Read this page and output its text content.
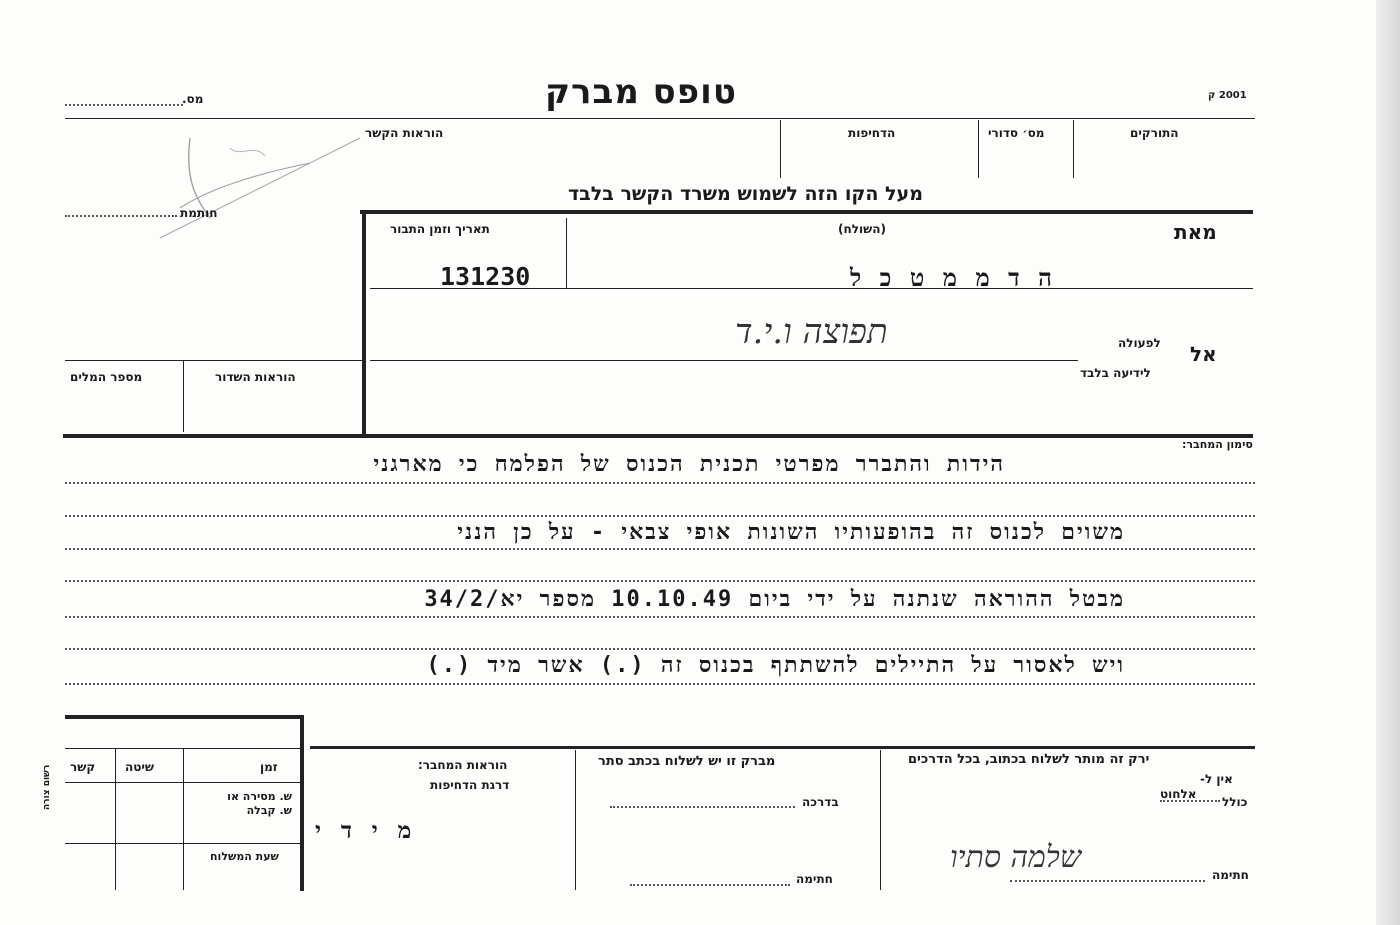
טופס מברק
מס.	2001 ק
התורקים
מס׳ סדורי
הדחיפות
הוראות הקשר
מעל הקו הזה לשמוש משרד הקשר בלבד
חותמת
מספר המלים	הוראות השדור
מאת
(השולח)
ה ד מ מ ט כ ל
תאריך וזמן התבור
131230
אל
לפעולה
לידיעה בלבד
תפוצה ו.י.ד
סימון המחבר:
הידות והתברר מפרטי תכנית הכנוס של הפלמח כי מארגני
משוים לכנוס זה בהופעותיו השונות אופי צבאי - על כן הנני
מבטל ההוראה שנתנה על ידי ביום 10.10.49 מספר יא/34/2
ויש לאסור על התיילים להשתתף בכנוס זה (.) אשר מיד (.)
קשר שיטה	זמן
ש. מסירה או ש. קבלה
שעת המשלוח
רשום צורה	הוראות המחבר:
דרגת הדחיפות
מ י ד י
מברק זו יש לשלוח בכתב סתר
בדרכה
חתימה
ירק זה מותר לשלוח בכתוב, בכל הדרכים
אין ל-
אלחוט
כולל
שלמה סתיו	חתימה
